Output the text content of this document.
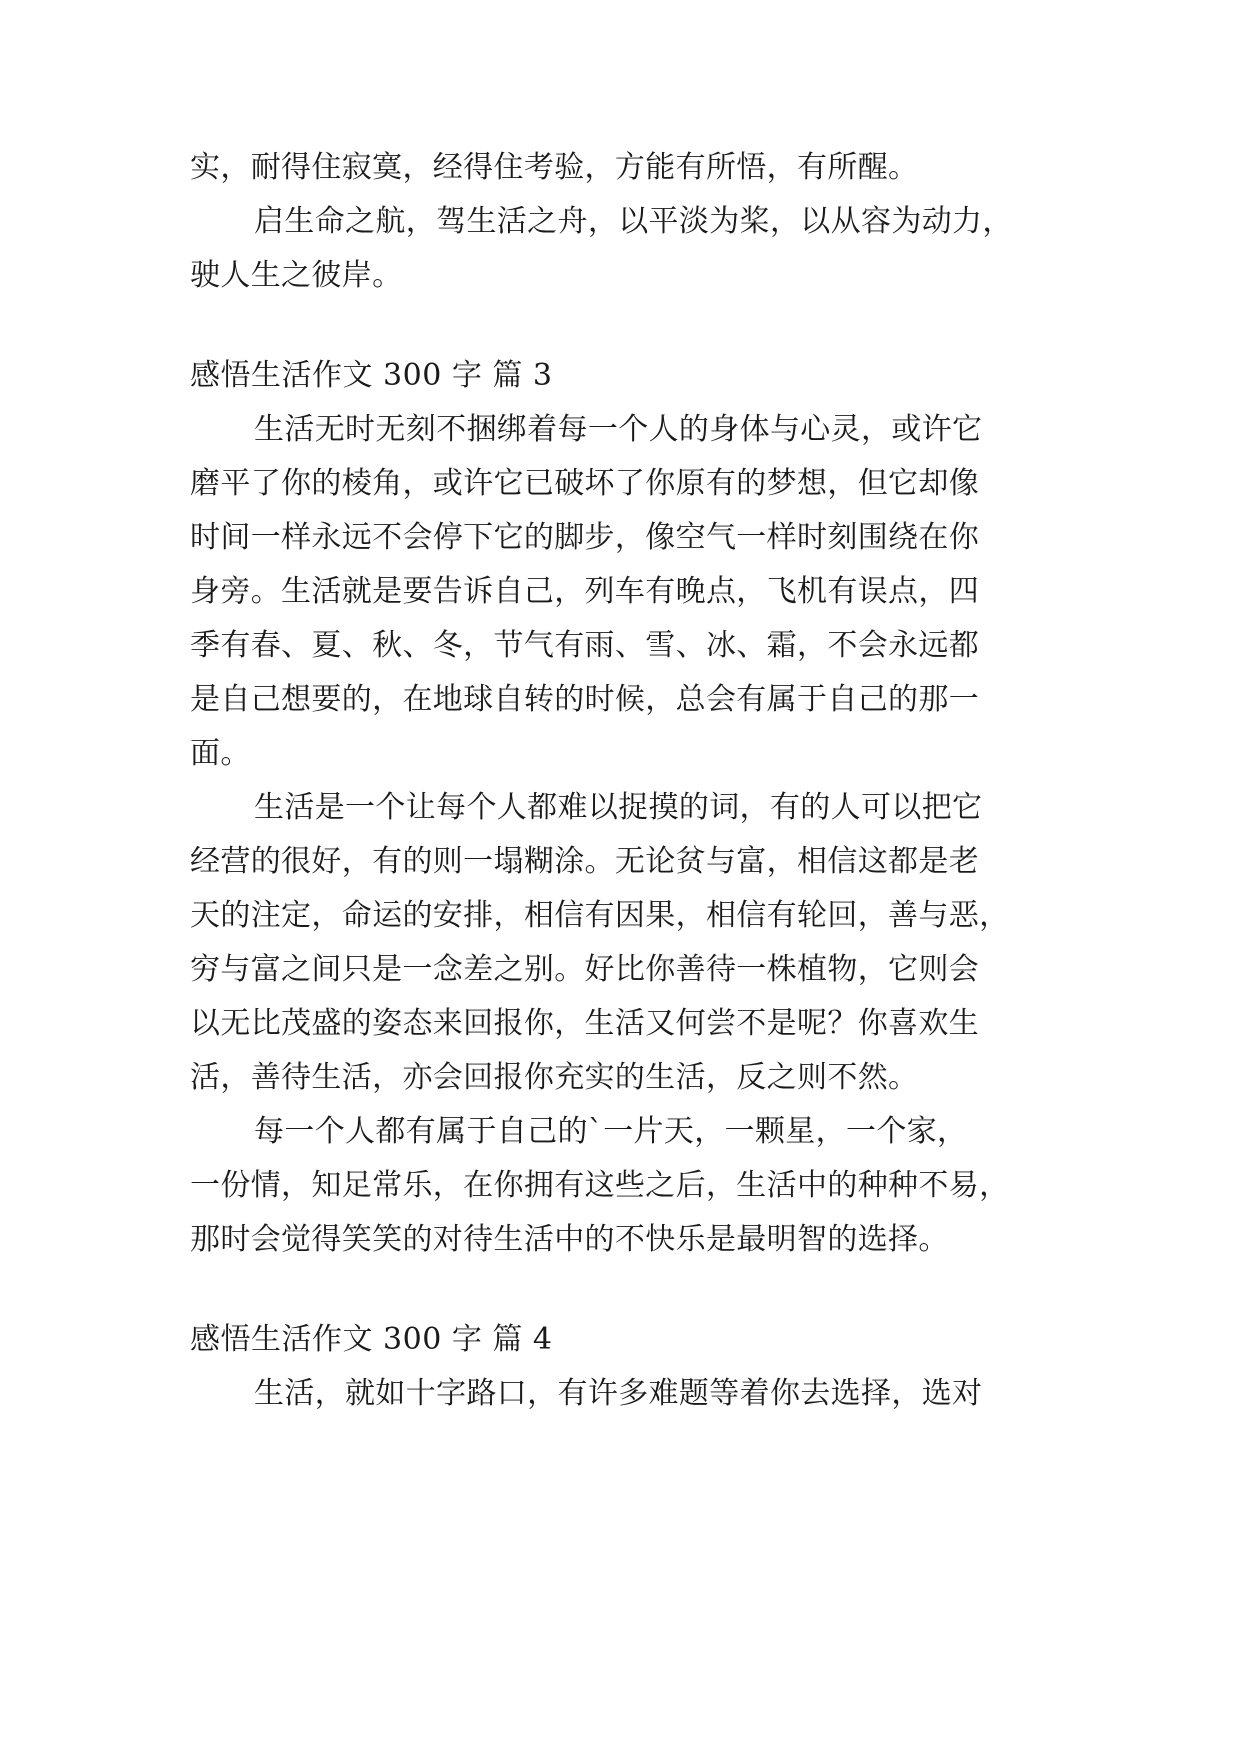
实，耐得住寂寞，经得住考验，方能有所悟，有所醒。
启生命之航，驾生活之舟，以平淡为桨，以从容为动力，
驶人生之彼岸。
感悟生活作文 300 字 篇 3
生活无时无刻不捆绑着每一个人的身体与心灵，或许它
磨平了你的棱角，或许它已破坏了你原有的梦想，但它却像
时间一样永远不会停下它的脚步，像空气一样时刻围绕在你
身旁。生活就是要告诉自己，列车有晚点，飞机有误点，四
季有春、夏、秋、冬，节气有雨、雪、冰、霜，不会永远都
是自己想要的，在地球自转的时候，总会有属于自己的那一
面。
生活是一个让每个人都难以捉摸的词，有的人可以把它
经营的很好，有的则一塌糊涂。无论贫与富，相信这都是老
天的注定，命运的安排，相信有因果，相信有轮回，善与恶，
穷与富之间只是一念差之别。好比你善待一株植物，它则会
以无比茂盛的姿态来回报你，生活又何尝不是呢？你喜欢生
活，善待生活，亦会回报你充实的生活，反之则不然。
每一个人都有属于自己的`一片天，一颗星，一个家，
一份情，知足常乐，在你拥有这些之后，生活中的种种不易，
那时会觉得笑笑的对待生活中的不快乐是最明智的选择。
感悟生活作文 300 字 篇 4
生活，就如十字路口，有许多难题等着你去选择，选对
